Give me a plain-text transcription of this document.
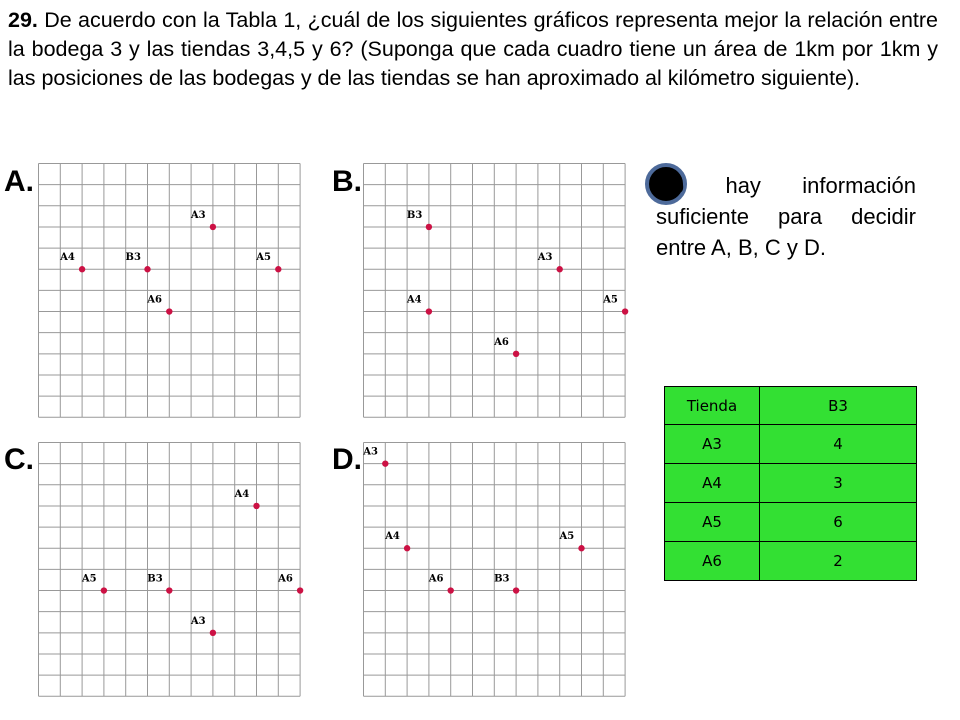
29. De acuerdo con la Tabla 1, ¿cuál de los siguientes gráficos representa mejor la relación entre la bodega 3 y las tiendas 3,4,5 y 6? (Suponga que cada cuadro tiene un área de 1km por 1km y las posiciones de las bodegas y de las tiendas se han aproximado al kilómetro siguiente).

A.	B.
C.	D.
A3
A4	B3	A5
A6
B3
A3
A4	A5
A6
A4
A5	B3	A6
A3
A3
A4	A5
A6	B3

No hay información suficiente para decidir entre A, B, C y D.

Tienda	B3
A3	4
A4	3
A5	6
A6	2
